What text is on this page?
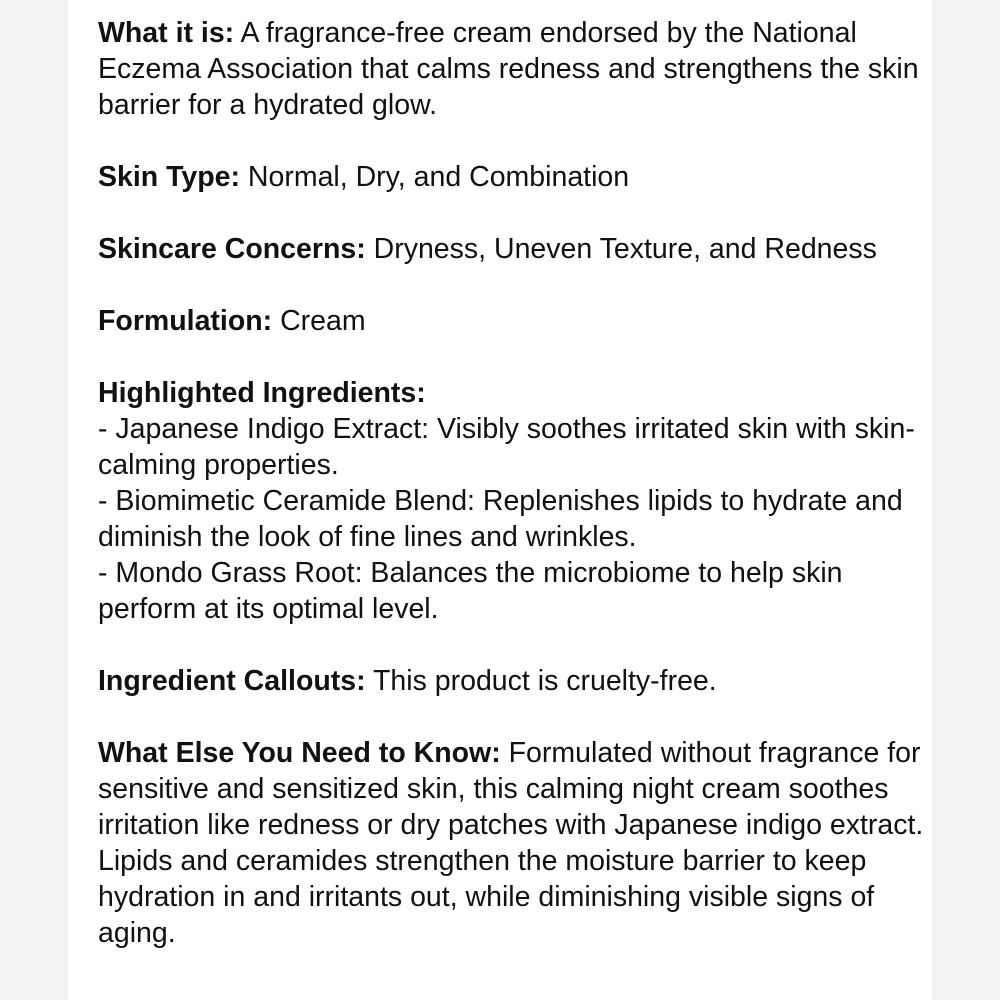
What it is: A fragrance-free cream endorsed by the National Eczema Association that calms redness and strengthens the skin barrier for a hydrated glow.

Skin Type: Normal, Dry, and Combination

Skincare Concerns: Dryness, Uneven Texture, and Redness

Formulation: Cream

Highlighted Ingredients:
- Japanese Indigo Extract: Visibly soothes irritated skin with skin-calming properties.
- Biomimetic Ceramide Blend: Replenishes lipids to hydrate and diminish the look of fine lines and wrinkles.
- Mondo Grass Root: Balances the microbiome to help skin perform at its optimal level.

Ingredient Callouts: This product is cruelty-free.

What Else You Need to Know: Formulated without fragrance for sensitive and sensitized skin, this calming night cream soothes irritation like redness or dry patches with Japanese indigo extract. Lipids and ceramides strengthen the moisture barrier to keep hydration in and irritants out, while diminishing visible signs of aging.
